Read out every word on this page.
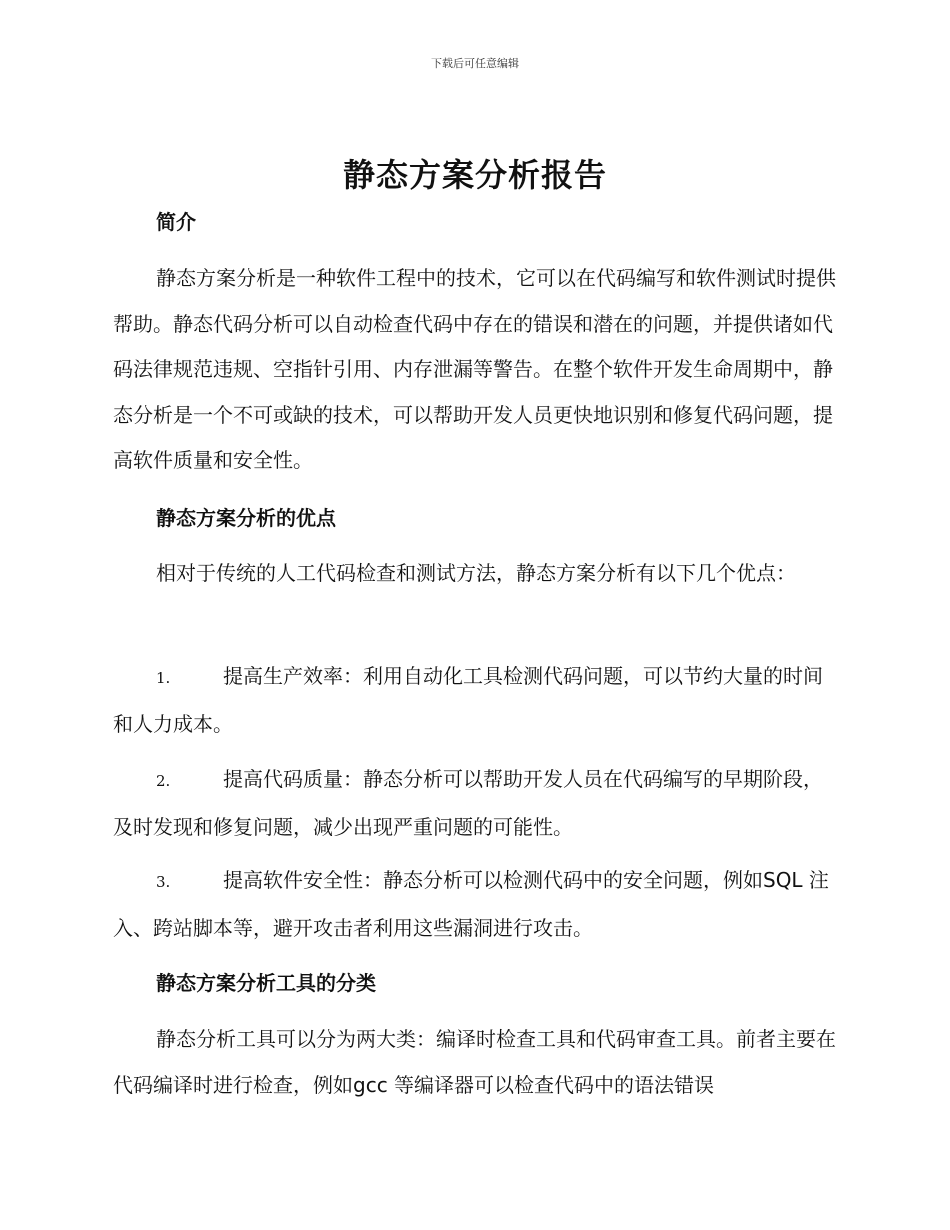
下载后可任意编辑
静态方案分析报告
简介
静态方案分析是一种软件工程中的技术，它可以在代码编写和软件测试时提供帮助。静态代码分析可以自动检查代码中存在的错误和潜在的问题，并提供诸如代码法律规范违规、空指针引用、内存泄漏等警告。在整个软件开发生命周期中，静态分析是一个不可或缺的技术，可以帮助开发人员更快地识别和修复代码问题，提高软件质量和安全性。
静态方案分析的优点
相对于传统的人工代码检查和测试方法，静态方案分析有以下几个优点：
1.	提高生产效率：利用自动化工具检测代码问题，可以节约大量的时间和人力成本。
2.	提高代码质量：静态分析可以帮助开发人员在代码编写的早期阶段，及时发现和修复问题，减少出现严重问题的可能性。
3.	提高软件安全性：静态分析可以检测代码中的安全问题，例如SQL 注入、跨站脚本等，避开攻击者利用这些漏洞进行攻击。
静态方案分析工具的分类
静态分析工具可以分为两大类：编译时检查工具和代码审查工具。前者主要在代码编译时进行检查，例如gcc 等编译器可以检查代码中的语法错误
